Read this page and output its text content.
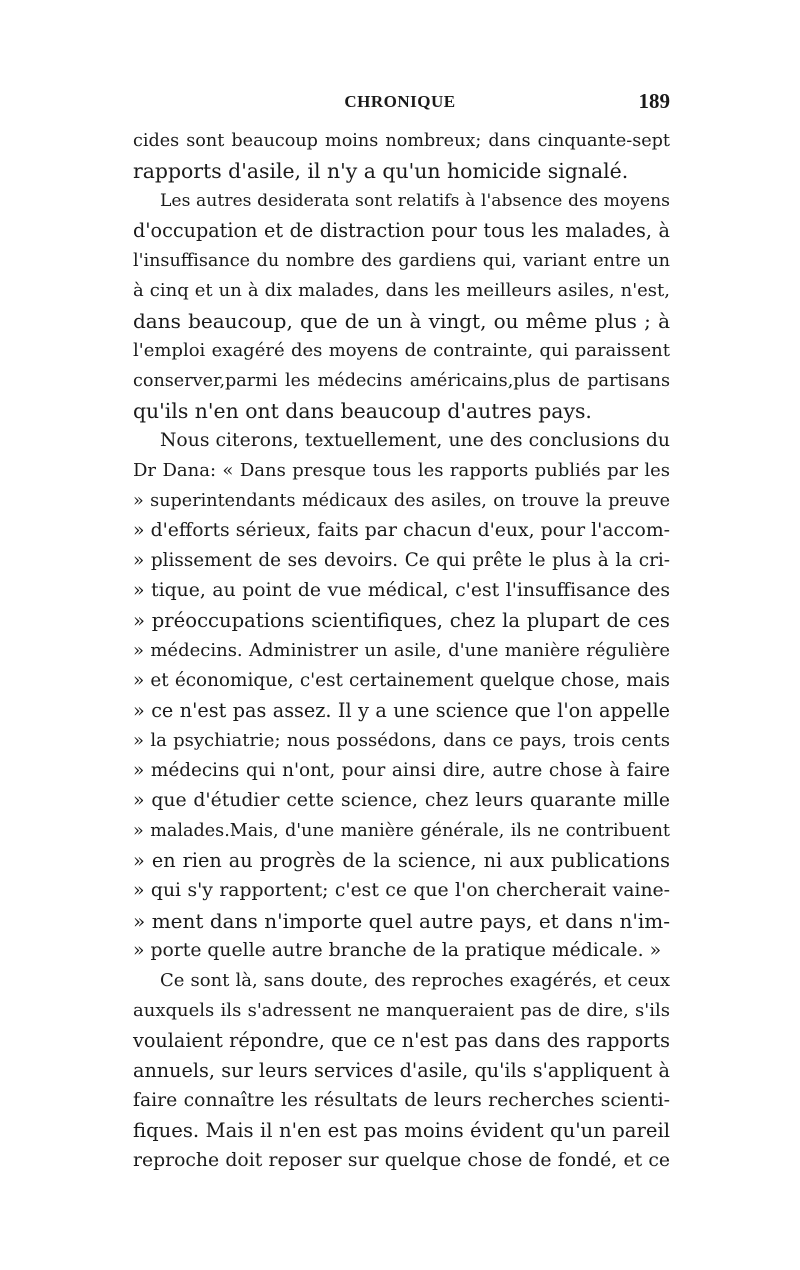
CHRONIQUE	189
cides sont beaucoup moins nombreux; dans cinquante-sept
rapports d'asile, il n'y a qu'un homicide signalé.
Les autres desiderata sont relatifs à l'absence des moyens
d'occupation et de distraction pour tous les malades, à
l'insuffisance du nombre des gardiens qui, variant entre un
à cinq et un à dix malades, dans les meilleurs asiles, n'est,
dans beaucoup, que de un à vingt, ou même plus ; à
l'emploi exagéré des moyens de contrainte, qui paraissent
conserver,parmi les médecins américains,plus de partisans
qu'ils n'en ont dans beaucoup d'autres pays.
Nous citerons, textuellement, une des conclusions du
Dr Dana: « Dans presque tous les rapports publiés par les
» superintendants médicaux des asiles, on trouve la preuve
» d'efforts sérieux, faits par chacun d'eux, pour l'accom-
» plissement de ses devoirs. Ce qui prête le plus à la cri-
» tique, au point de vue médical, c'est l'insuffisance des
» préoccupations scientifiques, chez la plupart de ces
» médecins. Administrer un asile, d'une manière régulière
» et économique, c'est certainement quelque chose, mais
» ce n'est pas assez. Il y a une science que l'on appelle
» la psychiatrie; nous possédons, dans ce pays, trois cents
» médecins qui n'ont, pour ainsi dire, autre chose à faire
» que d'étudier cette science, chez leurs quarante mille
» malades.Mais, d'une manière générale, ils ne contribuent
» en rien au progrès de la science, ni aux publications
» qui s'y rapportent; c'est ce que l'on chercherait vaine-
» ment dans n'importe quel autre pays, et dans n'im-
» porte quelle autre branche de la pratique médicale. »
Ce sont là, sans doute, des reproches exagérés, et ceux
auxquels ils s'adressent ne manqueraient pas de dire, s'ils
voulaient répondre, que ce n'est pas dans des rapports
annuels, sur leurs services d'asile, qu'ils s'appliquent à
faire connaître les résultats de leurs recherches scienti-
fiques. Mais il n'en est pas moins évident qu'un pareil
reproche doit reposer sur quelque chose de fondé, et ce
